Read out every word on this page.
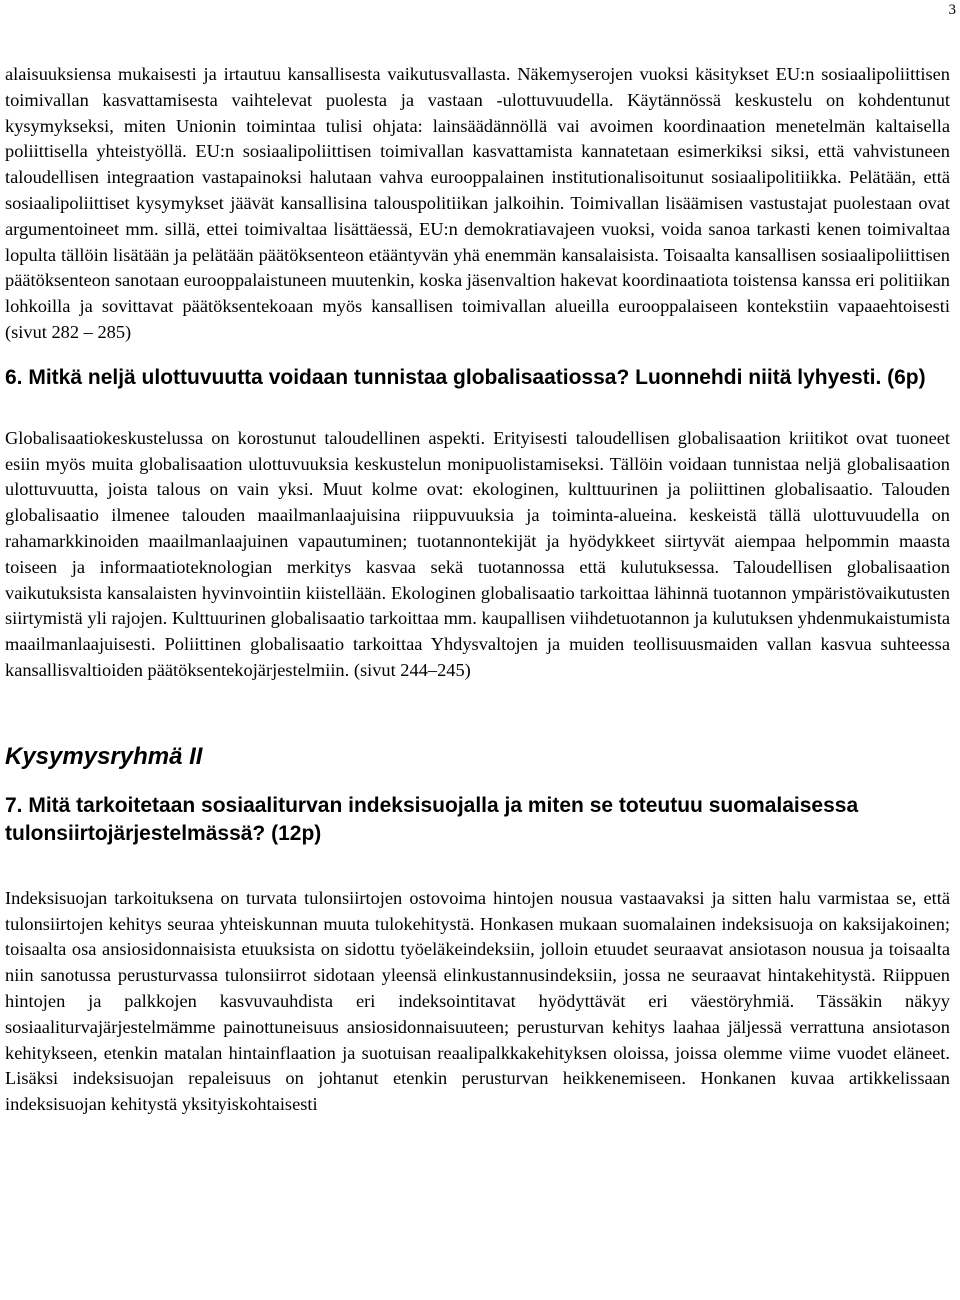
3

alaisuuksiensa mukaisesti ja irtautuu kansallisesta vaikutusvallasta. Näkemyserojen vuoksi käsitykset EU:n sosiaalipoliittisen toimivallan kasvattamisesta vaihtelevat puolesta ja vastaan -ulottuvuudella. Käytännössä keskustelu on kohdentunut kysymykseksi, miten Unionin toimintaa tulisi ohjata: lainsäädännöllä vai avoimen koordinaation menetelmän kaltaisella poliittisella yhteistyöllä. EU:n sosiaalipoliittisen toimivallan kasvattamista kannatetaan esimerkiksi siksi, että vahvistuneen taloudellisen integraation vastapainoksi halutaan vahva eurooppalainen institutionalisoitunut sosiaalipolitiikka. Pelätään, että sosiaalipoliittiset kysymykset jäävät kansallisina talouspolitiikan jalkoihin. Toimivallan lisäämisen vastustajat puolestaan ovat argumentoineet mm. sillä, ettei toimivaltaa lisättäessä, EU:n demokratiavajeen vuoksi, voida sanoa tarkasti kenen toimivaltaa lopulta tällöin lisätään ja pelätään päätöksenteon etääntyvän yhä enemmän kansalaisista. Toisaalta kansallisen sosiaalipoliittisen päätöksenteon sanotaan eurooppalaistuneen muutenkin, koska jäsenvaltion hakevat koordinaatiota toistensa kanssa eri politiikan lohkoilla ja sovittavat päätöksentekoaan myös kansallisen toimivallan alueilla eurooppalaiseen kontekstiin vapaaehtoisesti (sivut 282 – 285)

6. Mitkä neljä ulottuvuutta voidaan tunnistaa globalisaatiossa? Luonnehdi niitä lyhyesti. (6p)

Globalisaatiokeskustelussa on korostunut taloudellinen aspekti. Erityisesti taloudellisen globalisaation kriitikot ovat tuoneet esiin myös muita globalisaation ulottuvuuksia keskustelun monipuolistamiseksi. Tällöin voidaan tunnistaa neljä globalisaation ulottuvuutta, joista talous on vain yksi. Muut kolme ovat: ekologinen, kulttuurinen ja poliittinen globalisaatio. Talouden globalisaatio ilmenee talouden maailmanlaajuisina riippuvuuksia ja toiminta-alueina. keskeistä tällä ulottuvuudella on rahamarkkinoiden maailmanlaajuinen vapautuminen; tuotannontekijät ja hyödykkeet siirtyvät aiempaa helpommin maasta toiseen ja informaatioteknologian merkitys kasvaa sekä tuotannossa että kulutuksessa. Taloudellisen globalisaation vaikutuksista kansalaisten hyvinvointiin kiistellään. Ekologinen globalisaatio tarkoittaa lähinnä tuotannon ympäristövaikutusten siirtymistä yli rajojen. Kulttuurinen globalisaatio tarkoittaa mm. kaupallisen viihdetuotannon ja kulutuksen yhdenmukaistumista maailmanlaajuisesti. Poliittinen globalisaatio tarkoittaa Yhdysvaltojen ja muiden teollisuusmaiden vallan kasvua suhteessa kansallisvaltioiden päätöksentekojärjestelmiin. (sivut 244–245)

Kysymysryhmä II
7. Mitä tarkoitetaan sosiaaliturvan indeksisuojalla ja miten se toteutuu suomalaisessa tulonsiirtojärjestelmässä? (12p)

Indeksisuojan tarkoituksena on turvata tulonsiirtojen ostovoima hintojen nousua vastaavaksi ja sitten halu varmistaa se, että tulonsiirtojen kehitys seuraa yhteiskunnan muuta tulokehitystä. Honkasen mukaan suomalainen indeksisuoja on kaksijakoinen; toisaalta osa ansiosidonnaisista etuuksista on sidottu työeläkeindeksiin, jolloin etuudet seuraavat ansiotason nousua ja toisaalta niin sanotussa perusturvassa tulonsiirrot sidotaan yleensä elinkustannusindeksiin, jossa ne seuraavat hintakehitystä. Riippuen hintojen ja palkkojen kasvuvauhdista eri indeksointitavat hyödyttävät eri väestöryhmiä. Tässäkin näkyy sosiaaliturvajärjestelmämme painottuneisuus ansiosidonnaisuuteen; perusturvan kehitys laahaa jäljessä verrattuna ansiotason kehitykseen, etenkin matalan hintainflaation ja suotuisan reaalipalkkakehityksen oloissa, joissa olemme viime vuodet eläneet. Lisäksi indeksisuojan repaleisuus on johtanut etenkin perusturvan heikkenemiseen. Honkanen kuvaa artikkelissaan indeksisuojan kehitystä yksityiskohtaisesti
